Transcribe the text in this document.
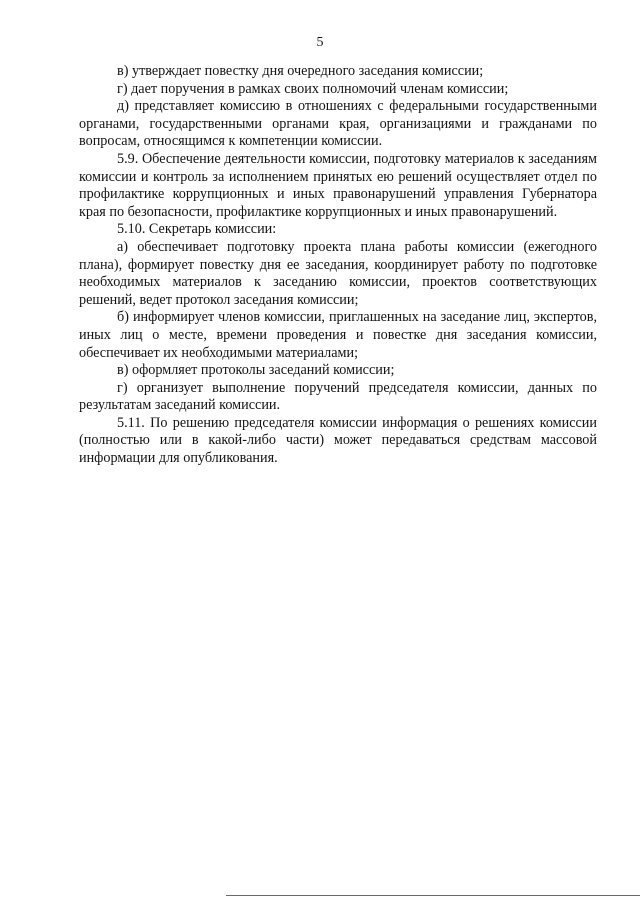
5

в) утверждает повестку дня очередного заседания комиссии;

г) дает поручения в рамках своих полномочий членам комиссии;

д) представляет комиссию в отношениях с федеральными государственными органами, государственными органами края, организациями и гражданами по вопросам, относящимся к компетенции комиссии.

5.9. Обеспечение деятельности комиссии, подготовку материалов к заседаниям комиссии и контроль за исполнением принятых ею решений осуществляет отдел по профилактике коррупционных и иных правонарушений управления Губернатора края по безопасности, профилактике коррупционных и иных правонарушений.

5.10. Секретарь комиссии:

а) обеспечивает подготовку проекта плана работы комиссии (ежегодного плана), формирует повестку дня ее заседания, координирует работу по подготовке необходимых материалов к заседанию комиссии, проектов соответствующих решений, ведет протокол заседания комиссии;

б) информирует членов комиссии, приглашенных на заседание лиц, экспертов, иных лиц о месте, времени проведения и повестке дня заседания комиссии, обеспечивает их необходимыми материалами;

в) оформляет протоколы заседаний комиссии;

г) организует выполнение поручений председателя комиссии, данных по результатам заседаний комиссии.

5.11. По решению председателя комиссии информация о решениях комиссии (полностью или в какой-либо части) может передаваться средствам массовой информации для опубликования.
